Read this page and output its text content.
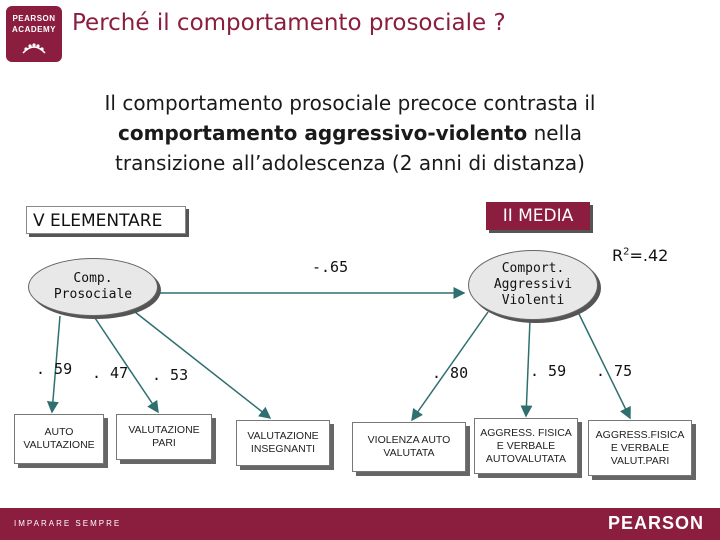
PEARSON
ACADEMY Perché il comportamento prosociale ?
Il comportamento prosociale precoce contrasta il
comportamento aggressivo-violento nella
transizione all’adolescenza (2 anni di distanza)
V ELEMENTARE	II MEDIA
$R^2=.42$
Comp.
Prosociale
Comport.
Aggressivi
Violenti
-.65
. 59 . 47 . 53	. 80	. 59 . 75
AUTO
VALUTAZIONE
VALUTAZIONE
PARI
VALUTAZIONE
INSEGNANTI
VIOLENZA AUTO
VALUTATA
AGGRESS. FISICA
E VERBALE
AUTOVALUTATA
AGGRESS.FISICA
E VERBALE
VALUT.PARI
IMPARARE SEMPRE	PEARSON
